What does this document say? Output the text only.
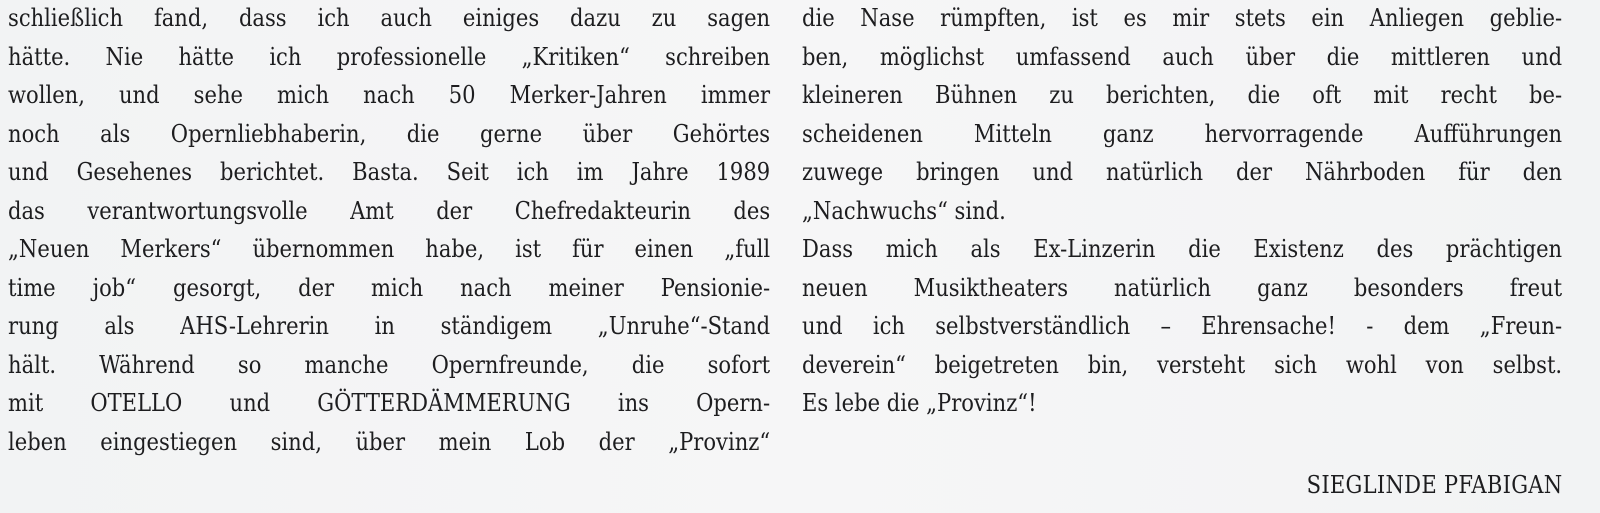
schließlich fand, dass ich auch einiges dazu zu sagen
hätte. Nie hätte ich professionelle „Kritiken“ schreiben
wollen, und sehe mich nach 50 Merker-Jahren immer
noch als Opernliebhaberin, die gerne über Gehörtes
und Gesehenes berichtet. Basta. Seit ich im Jahre 1989
das verantwortungsvolle Amt der Chefredakteurin des
„Neuen Merkers“ übernommen habe, ist für einen „full
time job“ gesorgt, der mich nach meiner Pensionie-
rung als AHS-Lehrerin in ständigem „Unruhe“-Stand
hält. Während so manche Opernfreunde, die sofort
mit OTELLO und GÖTTERDÄMMERUNG ins Opern-
leben eingestiegen sind, über mein Lob der „Provinz“
die Nase rümpften, ist es mir stets ein Anliegen geblie-
ben, möglichst umfassend auch über die mittleren und
kleineren Bühnen zu berichten, die oft mit recht be-
scheidenen Mitteln ganz hervorragende Aufführungen
zuwege bringen und natürlich der Nährboden für den
„Nachwuchs“ sind.
Dass mich als Ex-Linzerin die Existenz des prächtigen
neuen Musiktheaters natürlich ganz besonders freut
und ich selbstverständlich – Ehrensache! - dem „Freun-
deverein“ beigetreten bin, versteht sich wohl von selbst.
Es lebe die „Provinz“!
SIEGLINDE PFABIGAN
